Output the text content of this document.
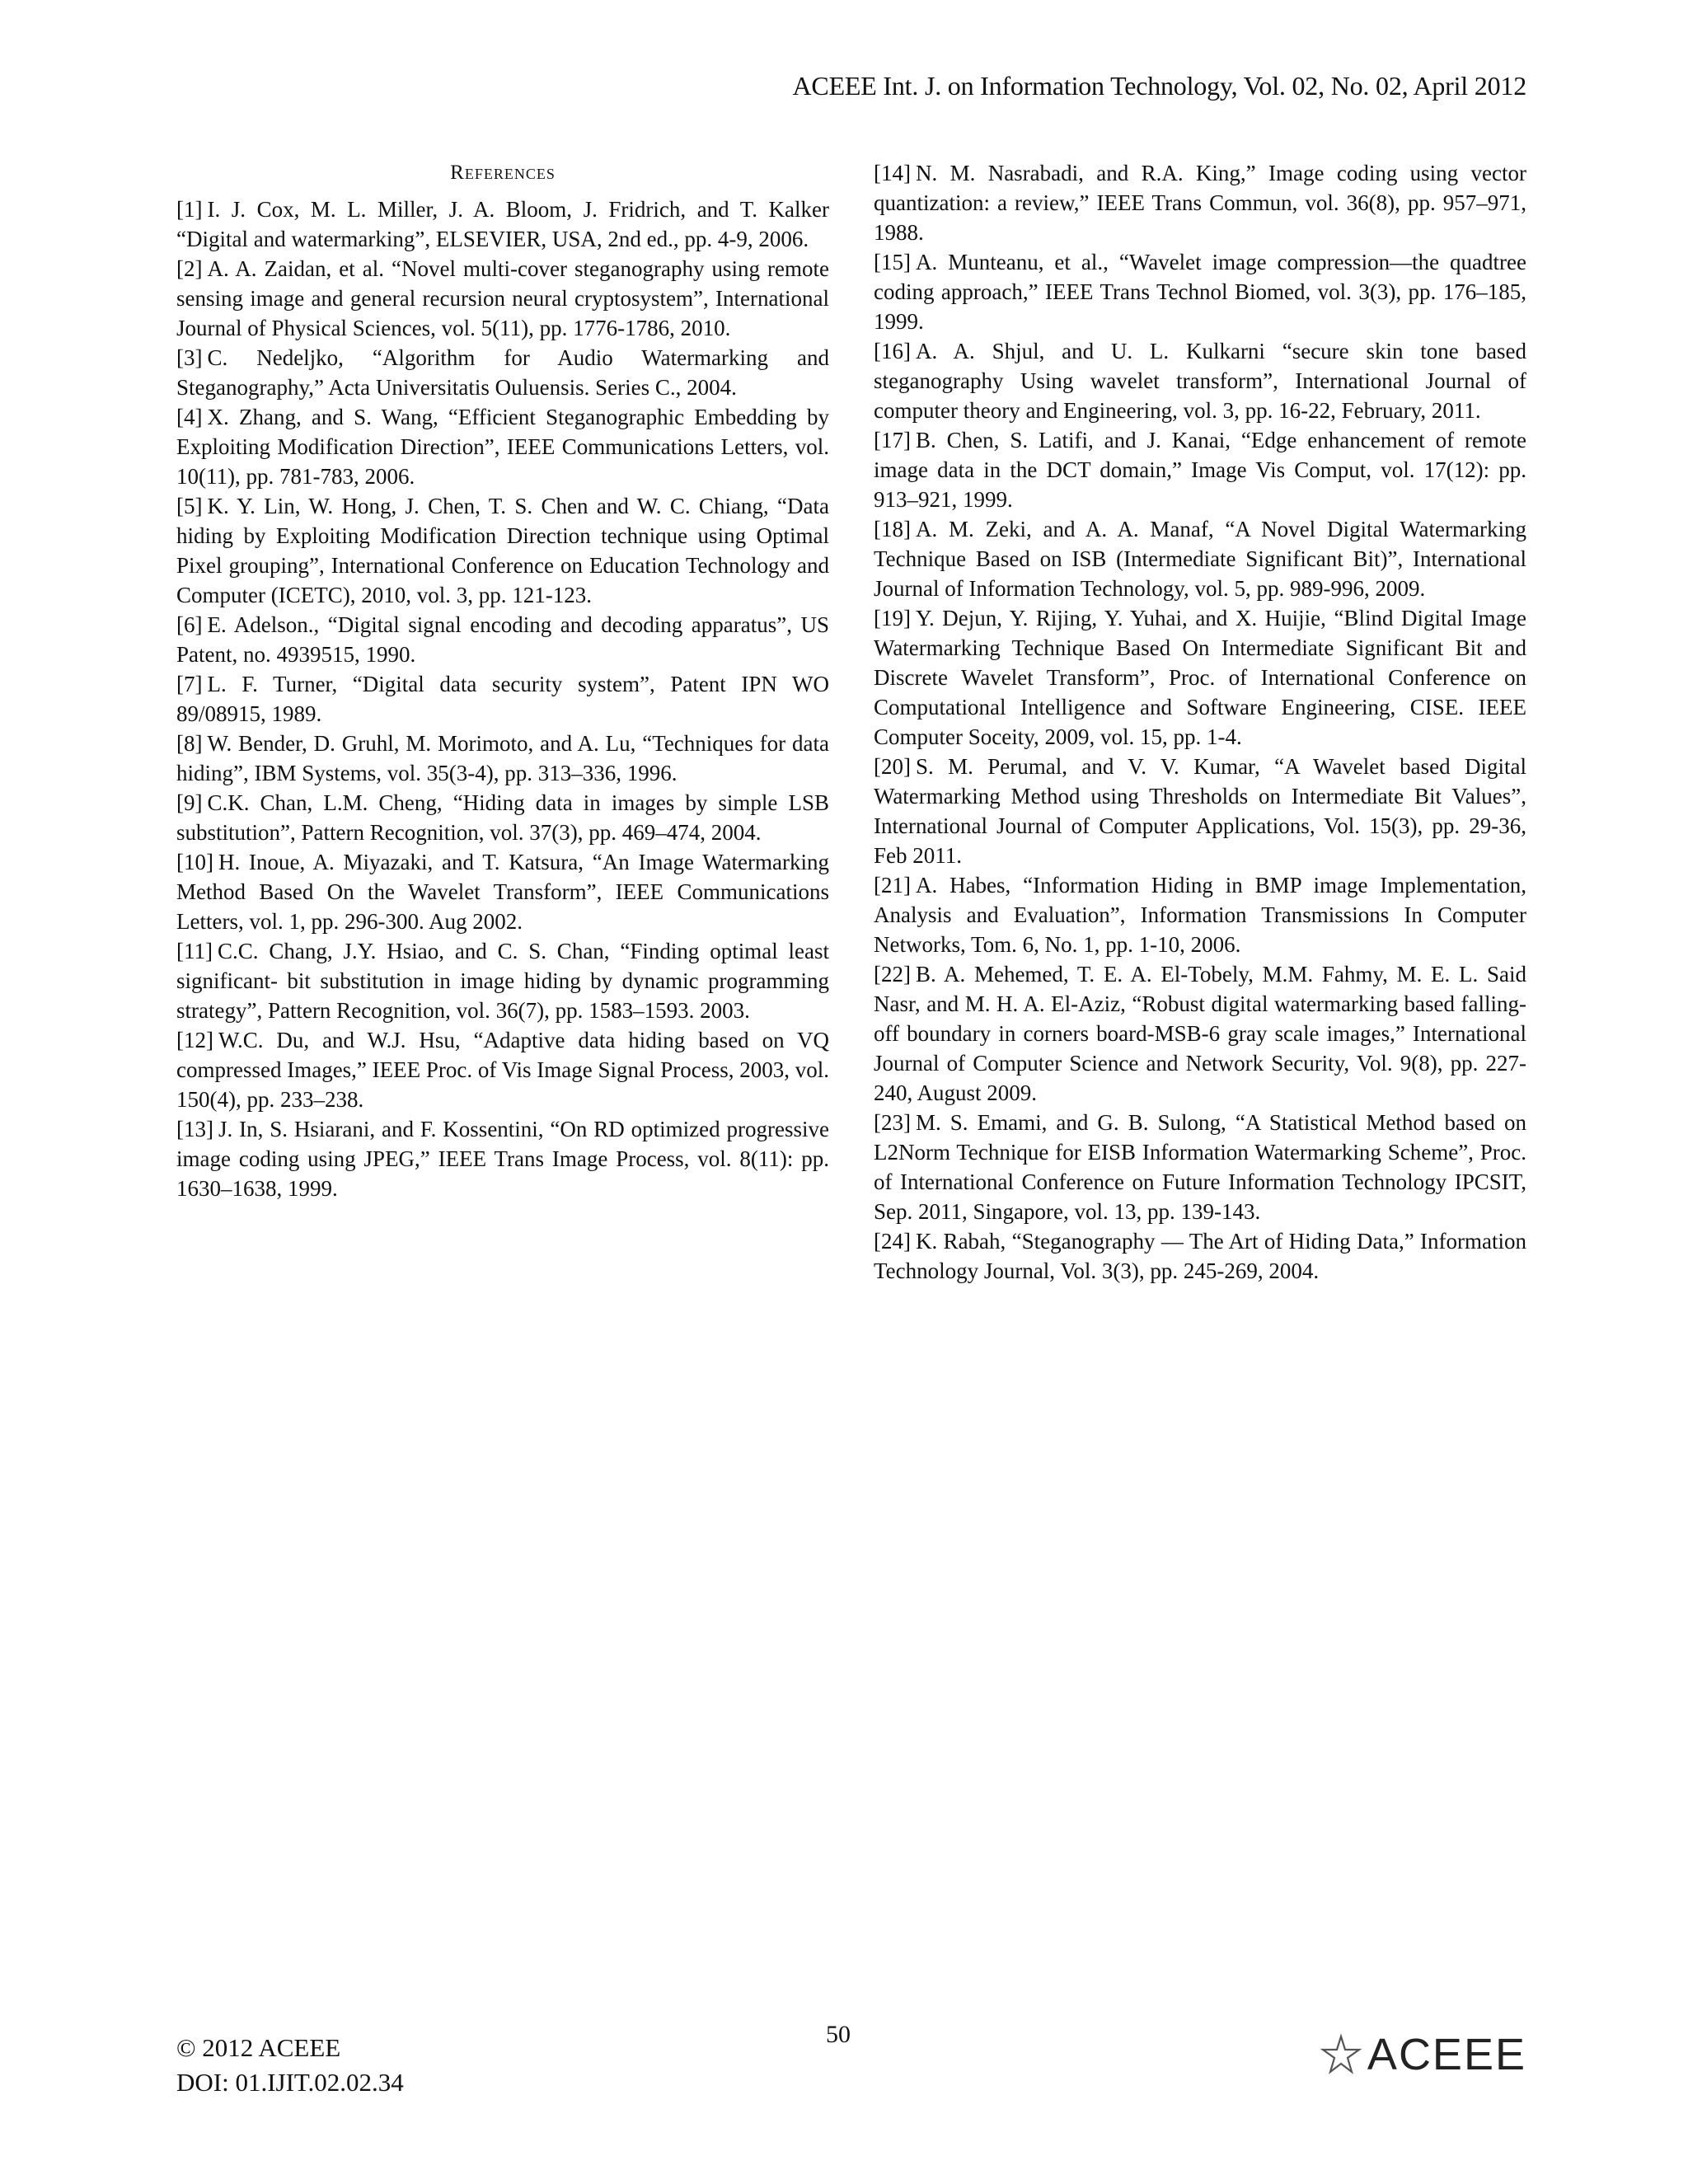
ACEEE Int. J. on Information Technology, Vol. 02, No. 02, April 2012
References
[1] I. J. Cox, M. L. Miller, J. A. Bloom, J. Fridrich, and T. Kalker “Digital and watermarking”, ELSEVIER, USA, 2nd ed., pp. 4-9, 2006.
[2] A. A. Zaidan, et al. “Novel multi-cover steganography using remote sensing image and general recursion neural cryptosystem”, International Journal of Physical Sciences, vol. 5(11), pp. 1776-1786, 2010.
[3] C. Nedeljko, “Algorithm for Audio Watermarking and Steganography,” Acta Universitatis Ouluensis. Series C., 2004.
[4] X. Zhang, and S. Wang, “Efficient Steganographic Embedding by Exploiting Modification Direction”, IEEE Communications Letters, vol. 10(11), pp. 781-783, 2006.
[5] K. Y. Lin, W. Hong, J. Chen, T. S. Chen and W. C. Chiang, “Data hiding by Exploiting Modification Direction technique using Optimal Pixel grouping”, International Conference on Education Technology and Computer (ICETC), 2010, vol. 3, pp. 121-123.
[6] E. Adelson., “Digital signal encoding and decoding apparatus”, US Patent, no. 4939515, 1990.
[7] L. F. Turner, “Digital data security system”, Patent IPN WO 89/08915, 1989.
[8] W. Bender, D. Gruhl, M. Morimoto, and A. Lu, “Techniques for data hiding”, IBM Systems, vol. 35(3-4), pp. 313–336, 1996.
[9] C.K. Chan, L.M. Cheng, “Hiding data in images by simple LSB substitution”, Pattern Recognition, vol. 37(3), pp. 469–474, 2004.
[10] H. Inoue, A. Miyazaki, and T. Katsura, “An Image Watermarking Method Based On the Wavelet Transform”, IEEE Communications Letters, vol. 1, pp. 296-300. Aug 2002.
[11] C.C. Chang, J.Y. Hsiao, and C. S. Chan, “Finding optimal least significant- bit substitution in image hiding by dynamic programming strategy”, Pattern Recognition, vol. 36(7), pp. 1583–1593. 2003.
[12] W.C. Du, and W.J. Hsu, “Adaptive data hiding based on VQ compressed Images,” IEEE Proc. of Vis Image Signal Process, 2003, vol. 150(4), pp. 233–238.
[13] J. In, S. Hsiarani, and F. Kossentini, “On RD optimized progressive image coding using JPEG,” IEEE Trans Image Process, vol. 8(11): pp. 1630–1638, 1999.
[14] N. M. Nasrabadi, and R.A. King,” Image coding using vector quantization: a review,” IEEE Trans Commun, vol. 36(8), pp. 957–971, 1988.
[15] A. Munteanu, et al., “Wavelet image compression—the quadtree coding approach,” IEEE Trans Technol Biomed, vol. 3(3), pp. 176–185, 1999.
[16] A. A. Shjul, and U. L. Kulkarni “secure skin tone based steganography Using wavelet transform”, International Journal of computer theory and Engineering, vol. 3, pp. 16-22, February, 2011.
[17] B. Chen, S. Latifi, and J. Kanai, “Edge enhancement of remote image data in the DCT domain,” Image Vis Comput, vol. 17(12): pp. 913–921, 1999.
[18] A. M. Zeki, and A. A. Manaf, “A Novel Digital Watermarking Technique Based on ISB (Intermediate Significant Bit)”, International Journal of Information Technology, vol. 5, pp. 989-996, 2009.
[19] Y. Dejun, Y. Rijing, Y. Yuhai, and X. Huijie, “Blind Digital Image Watermarking Technique Based On Intermediate Significant Bit and Discrete Wavelet Transform”, Proc. of International Conference on Computational Intelligence and Software Engineering, CISE. IEEE Computer Soceity, 2009, vol. 15, pp. 1-4.
[20] S. M. Perumal, and V. V. Kumar, “A Wavelet based Digital Watermarking Method using Thresholds on Intermediate Bit Values”, International Journal of Computer Applications, Vol. 15(3), pp. 29-36, Feb 2011.
[21] A. Habes, “Information Hiding in BMP image Implementation, Analysis and Evaluation”, Information Transmissions In Computer Networks, Tom. 6, No. 1, pp. 1-10, 2006.
[22] B. A. Mehemed, T. E. A. El-Tobely, M.M. Fahmy, M. E. L. Said Nasr, and M. H. A. El-Aziz, “Robust digital watermarking based falling-off boundary in corners board-MSB-6 gray scale images,” International Journal of Computer Science and Network Security, Vol. 9(8), pp. 227-240, August 2009.
[23] M. S. Emami, and G. B. Sulong, “A Statistical Method based on L2Norm Technique for EISB Information Watermarking Scheme”, Proc. of International Conference on Future Information Technology IPCSIT, Sep. 2011, Singapore, vol. 13, pp. 139-143.
[24] K. Rabah, “Steganography — The Art of Hiding Data,” Information Technology Journal, Vol. 3(3), pp. 245-269, 2004.
© 2012 ACEEE
DOI: 01.IJIT.02.02.34
50	ACEEE
